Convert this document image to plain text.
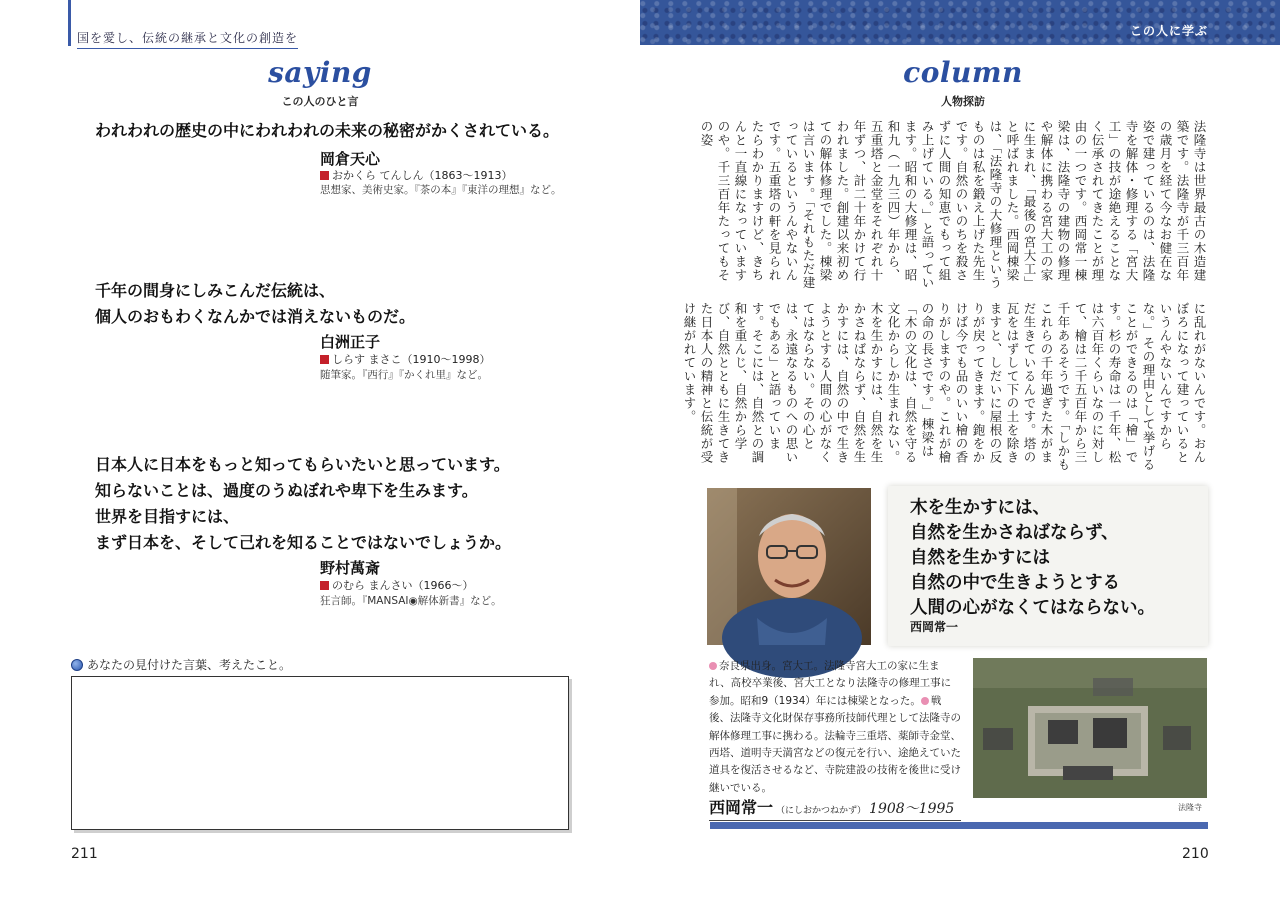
国を愛し、伝統の継承と文化の創造を
saying
この人のひと言
われわれの歴史の中にわれわれの未来の秘密がかくされている。
岡倉天心
おかくら てんしん（1863〜1913）
思想家、美術史家。『茶の本』『東洋の理想』など。
千年の間身にしみこんだ伝統は、
個人のおもわくなんかでは消えないものだ。
白洲正子
しらす まさこ（1910〜1998）
随筆家。『西行』『かくれ里』など。
日本人に日本をもっと知ってもらいたいと思っています。
知らないことは、過度のうぬぼれや卑下を生みます。
世界を目指すには、
まず日本を、そして己れを知ることではないでしょうか。
野村萬斎
のむら まんさい（1966〜）
狂言師。『MANSAI◉解体新書』など。
あなたの見付けた言葉、考えたこと。
211
この人に学ぶ
column
人物探訪
法隆寺は世界最古の木造建築です。法隆寺が千三百年の歳月を経て今なお健在な姿で建っているのは、法隆寺を解体・修理する「宮大工」の技が途絶えることなく伝承されてきたことが理由の一つです。西岡常一棟梁は、法隆寺の建物の修理や解体に携わる宮大工の家に生まれ、「最後の宮大工」と呼ばれました。西岡棟梁は、「法隆寺の大修理というものは私を鍛え上げた先生です。自然のいのちを殺さずに人間の知恵でもって組み上げている。」と語っています。昭和の大修理は、昭和九（一九三四）年から、五重塔と金堂をそれぞれ十年ずつ、計二十年かけて行われました。創建以来初めての解体修理でした。棟梁は言います。「それもただ建っているというんやないんです。五重塔の軒を見られたらわかりますけど、きちんと一直線になっていますのや。千三百年たってもその姿
に乱れがないんです。おんぼろになって建っているというんやないんですからな。」その理由として挙げることができるのは「檜」です。杉の寿命は一千年、松は六百年くらいなのに対して、檜は二千五百年から三千年あるそうです。「しかもこれらの千年過ぎた木がまだ生きているんです。塔の瓦をはずして下の土を除きますと、しだいに屋根の反りが戻ってきます。鉋をかけば今でも品のいい檜の香りがしますのや。これが檜の命の長さです。」棟梁は「木の文化は、自然を守る文化からしか生まれない。木を生かすには、自然を生かさねばならず、自然を生かすには、自然の中で生きようとする人間の心がなくてはならない。その心とは、永遠なるものへの思いでもある」と語っています。そこには、自然との調和を重んじ、自然から学び、自然とともに生きてきた日本人の精神と伝統が受け継がれています。
木を生かすには、
自然を生かさねばならず、
自然を生かすには
自然の中で生きようとする
人間の心がなくてはならない。
西岡常一
奈良県出身。宮大工。法隆寺宮大工の家に生まれ、高校卒業後、宮大工となり法隆寺の修理工事に参加。昭和9（1934）年には棟梁となった。 戦後、法隆寺文化財保存事務所技師代理として法隆寺の解体修理工事に携わる。法輪寺三重塔、薬師寺金堂、西塔、道明寺天満宮などの復元を行い、途絶えていた道具を復活させるなど、寺院建設の技術を後世に受け継いでいる。
法隆寺
西岡常一 （にしおかつねかず） 1908〜1995
210
